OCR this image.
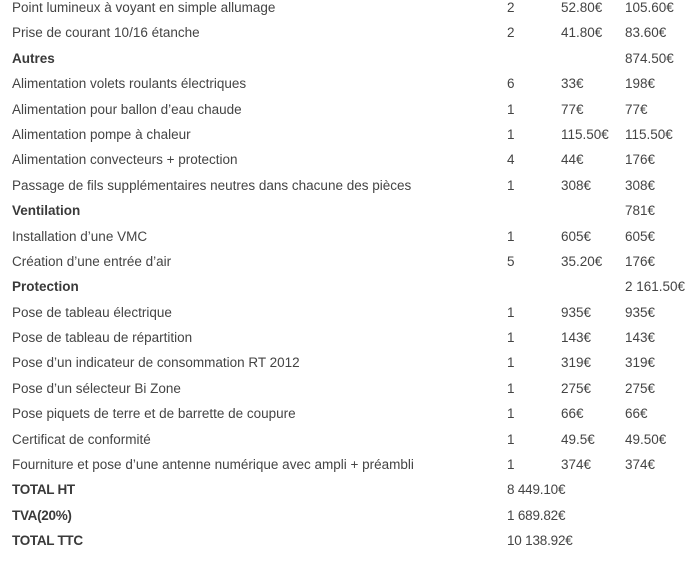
Point lumineux à voyant en simple allumage	2	52.80€ 105.60€
Prise de courant 10/16 étanche	2	41.80€ 83.60€
Autres	874.50€
Alimentation volets roulants électriques	6	33€	198€
Alimentation pour ballon d’eau chaude	1	77€	77€
Alimentation pompe à chaleur	1	115.50€ 115.50€
Alimentation convecteurs + protection	4	44€	176€
Passage de fils supplémentaires neutres dans chacune des pièces	1	308€	308€
Ventilation	781€
Installation d’une VMC	1	605€	605€
Création d’une entrée d’air	5	35.20€ 176€
Protection	2 161.50€
Pose de tableau électrique	1	935€	935€
Pose de tableau de répartition	1	143€	143€
Pose d’un indicateur de consommation RT 2012	1	319€	319€
Pose d’un sélecteur Bi Zone	1	275€	275€
Pose piquets de terre et de barrette de coupure	1	66€	66€
Certificat de conformité	1	49.5€ 49.50€
Fourniture et pose d’une antenne numérique avec ampli + préambli	1	374€	374€
TOTAL HT	8 449.10€
TVA(20%)	1 689.82€
TOTAL TTC	10 138.92€
